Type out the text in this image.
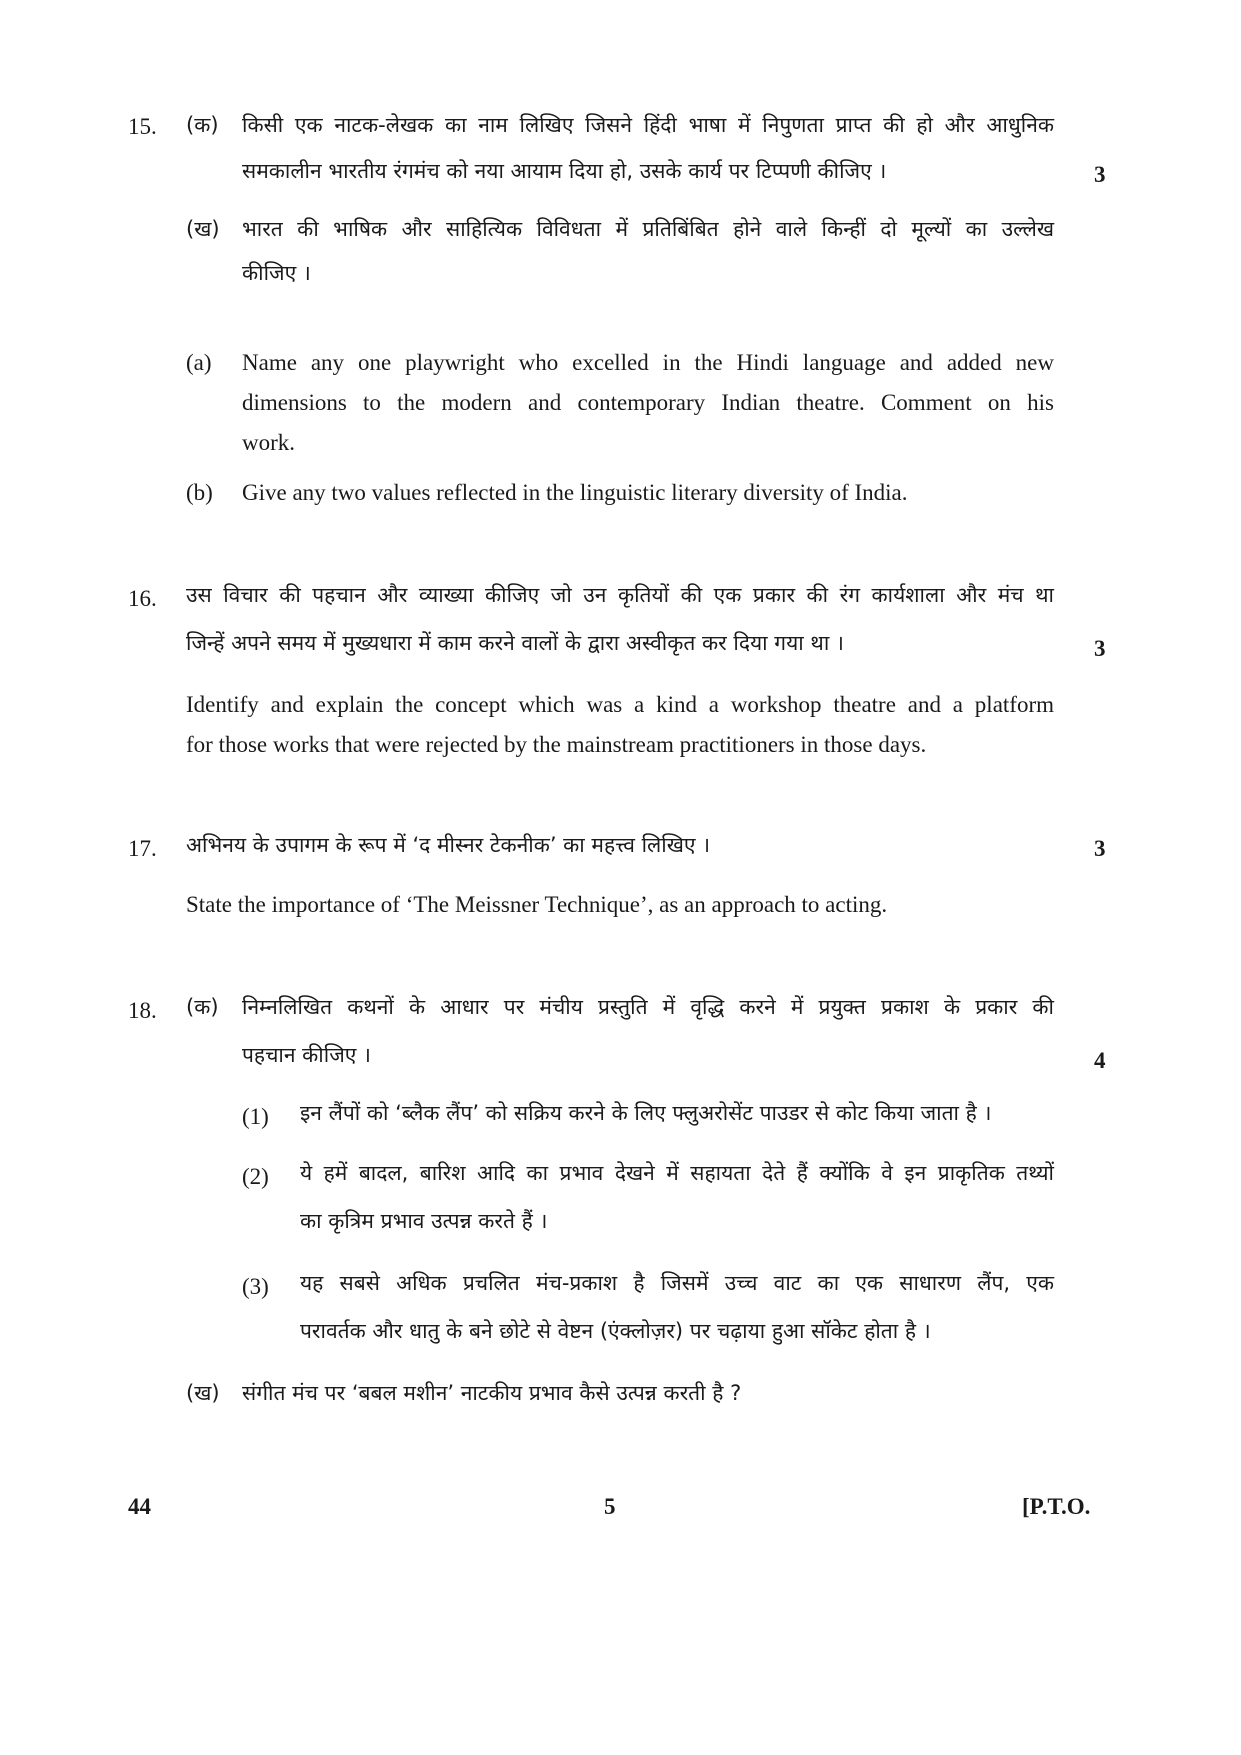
15. (क) किसी एक नाटक-लेखक का नाम लिखिए जिसने हिंदी भाषा में निपुणता प्राप्त की हो और आधुनिक
समकालीन भारतीय रंगमंच को नया आयाम दिया हो, उसके कार्य पर टिप्पणी कीजिए ।	3
(ख) भारत की भाषिक और साहित्यिक विविधता में प्रतिबिंबित होने वाले किन्हीं दो मूल्यों का उल्लेख
कीजिए ।
(a) Name any one playwright who excelled in the Hindi language and added new
dimensions to the modern and contemporary Indian theatre. Comment on his
work.
(b) Give any two values reflected in the linguistic literary diversity of India.
16. उस विचार की पहचान और व्याख्या कीजिए जो उन कृतियों की एक प्रकार की रंग कार्यशाला और मंच था
जिन्हें अपने समय में मुख्यधारा में काम करने वालों के द्वारा अस्वीकृत कर दिया गया था ।	3
Identify and explain the concept which was a kind a workshop theatre and a platform
for those works that were rejected by the mainstream practitioners in those days.
17. अभिनय के उपागम के रूप में ‘द मीस्नर टेकनीक’ का महत्त्व लिखिए ।	3
State the importance of ‘The Meissner Technique’, as an approach to acting.
18. (क) निम्नलिखित कथनों के आधार पर मंचीय प्रस्तुति में वृद्धि करने में प्रयुक्त प्रकाश के प्रकार की
पहचान कीजिए ।	4
(1) इन लैंपों को ‘ब्लैक लैंप’ को सक्रिय करने के लिए फ्लुअरोसेंट पाउडर से कोट किया जाता है ।
(2) ये हमें बादल, बारिश आदि का प्रभाव देखने में सहायता देते हैं क्योंकि वे इन प्राकृतिक तथ्यों
का कृत्रिम प्रभाव उत्पन्न करते हैं ।
(3) यह सबसे अधिक प्रचलित मंच-प्रकाश है जिसमें उच्च वाट का एक साधारण लैंप, एक
परावर्तक और धातु के बने छोटे से वेष्टन (एंक्लोज़र) पर चढ़ाया हुआ सॉकेट होता है ।
(ख) संगीत मंच पर ‘बबल मशीन’ नाटकीय प्रभाव कैसे उत्पन्न करती है ?
44	5	[P.T.O.
